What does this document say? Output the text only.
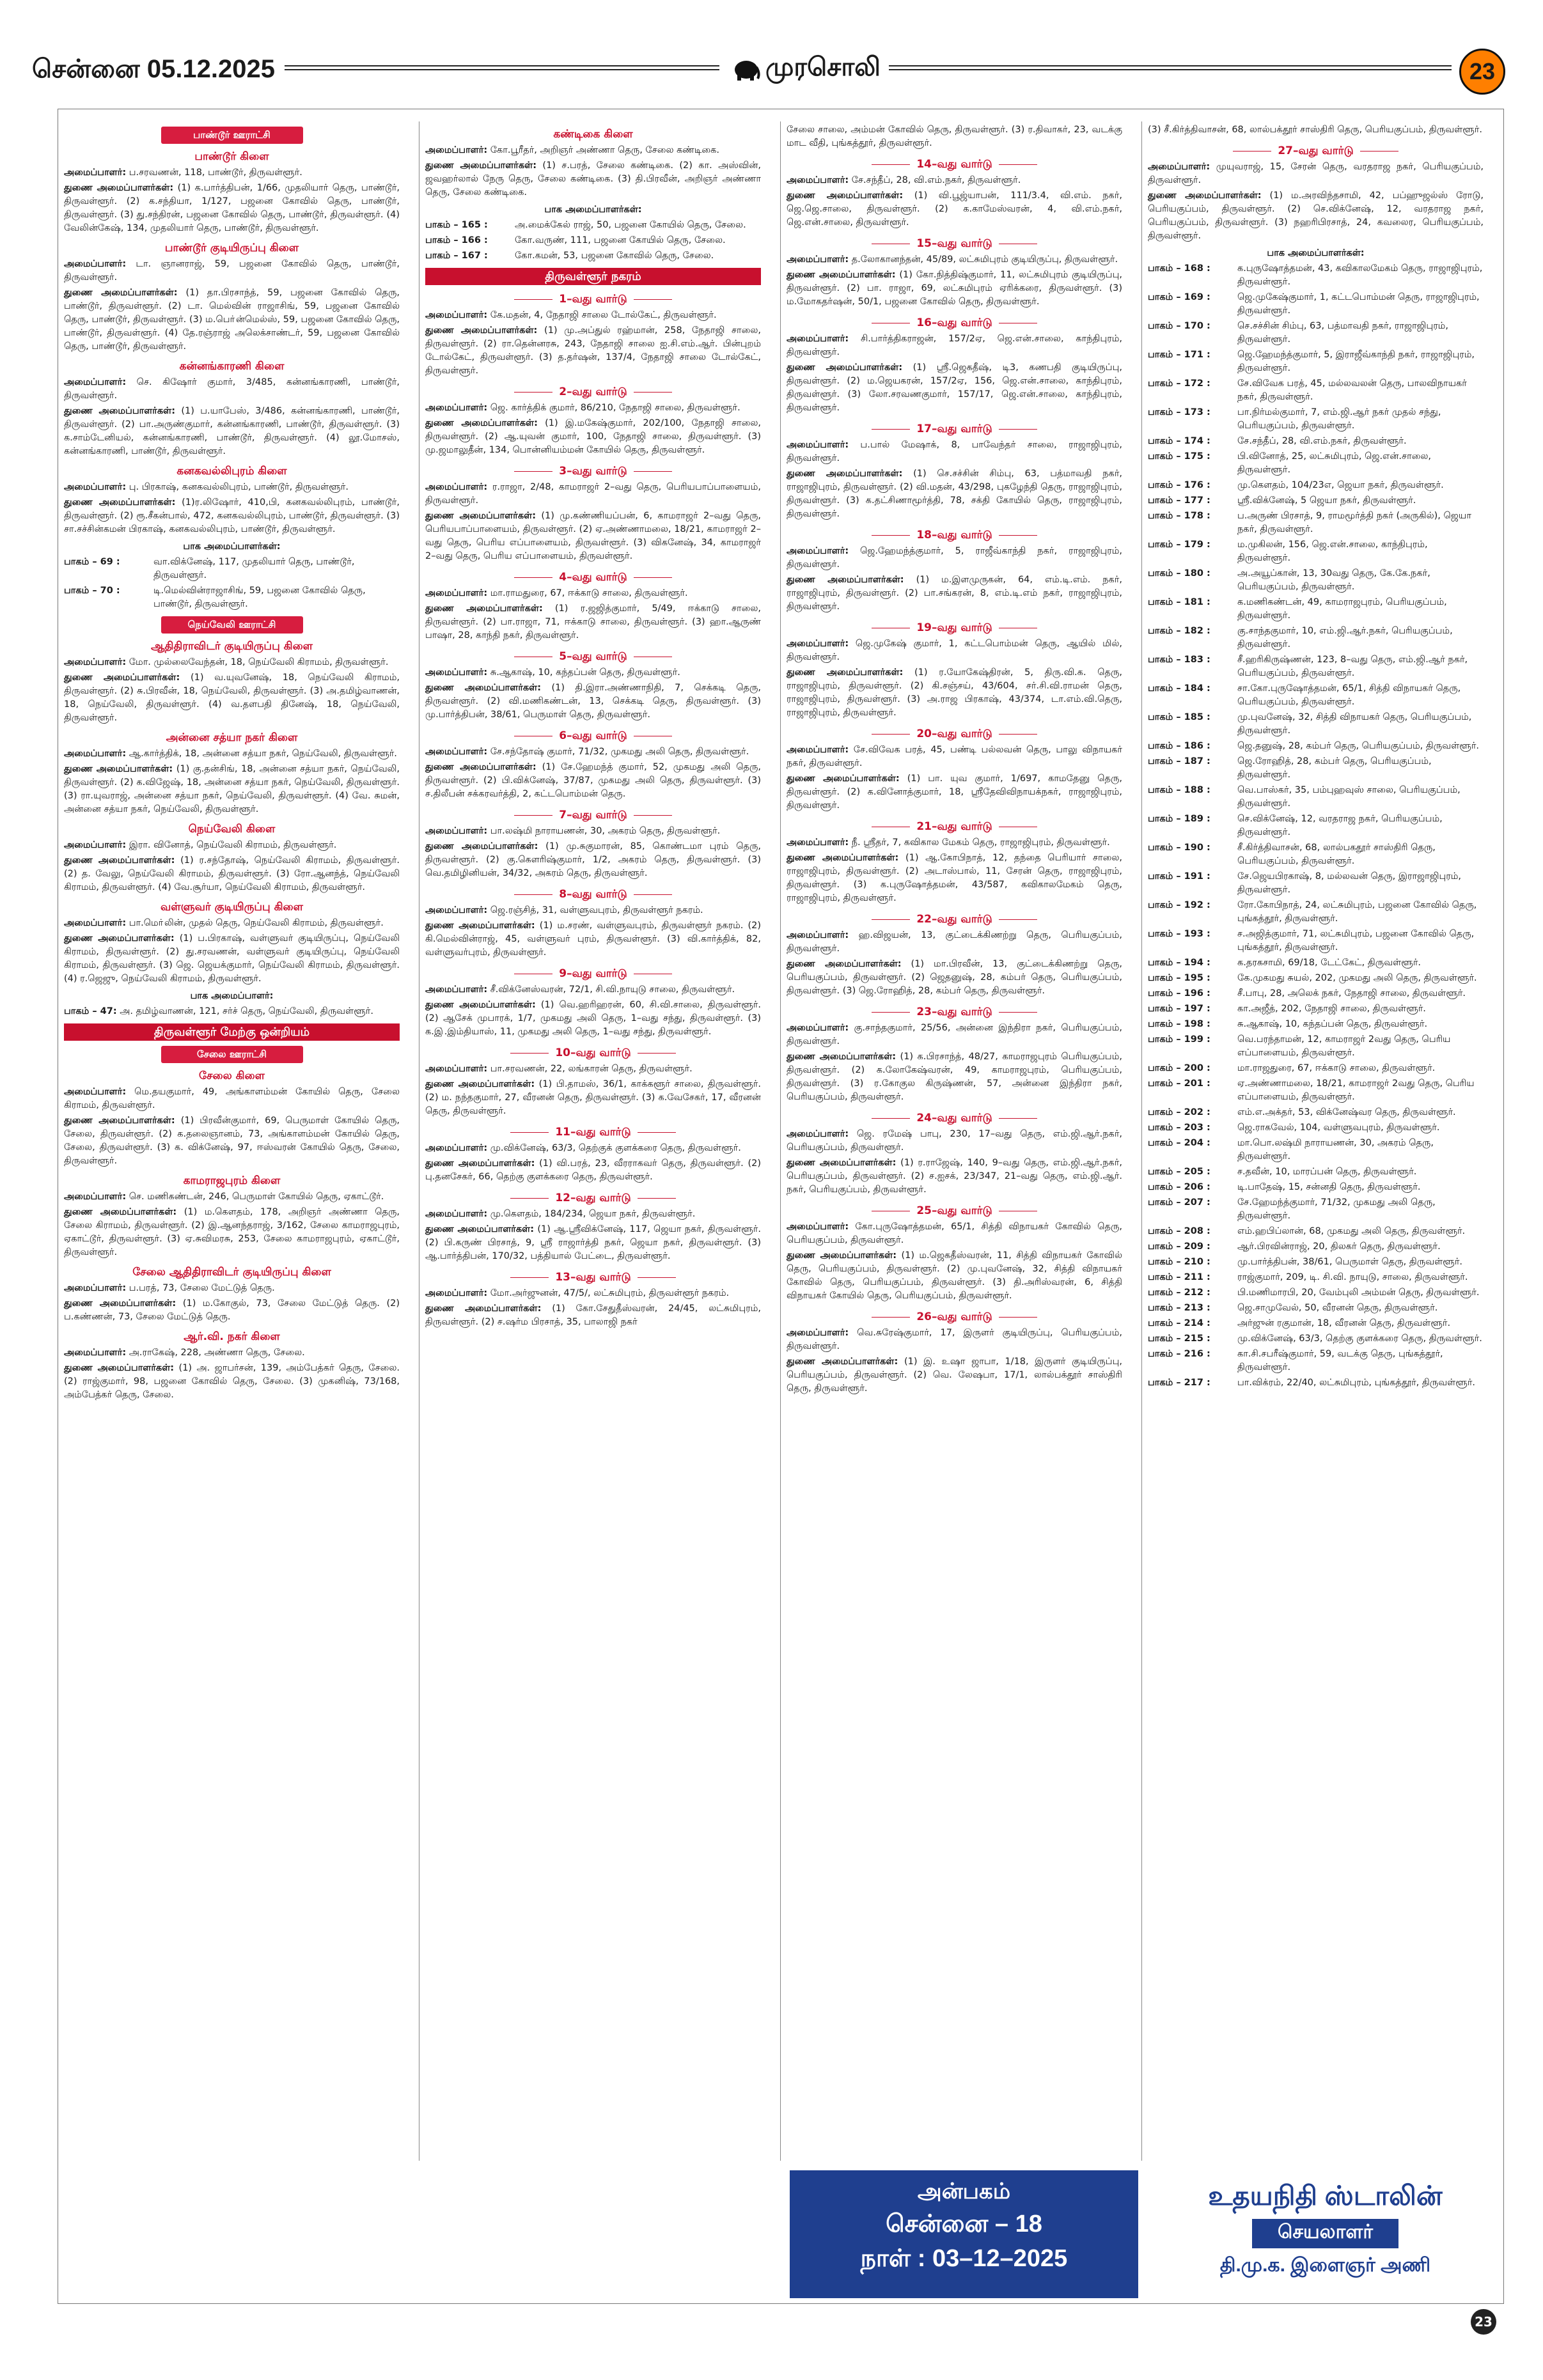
சென்னை 05.12.2025	முரசொலி	23
பாண்டூர் ஊராட்சி
பாண்டூர் கிளை
அமைப்பாளர்: ப.சரவணன், 118, பாண்டூர், திருவள்ளூர்.
துணை அமைப்பாளர்கள்: (1) க.பார்த்திபன், 1/66, முதலியார் தெரு, பாண்டூர், திருவள்ளூர். (2) க.சந்தியா, 1/127, பஜனை கோவில் தெரு, பாண்டூர், திருவள்ளூர். (3) து.சந்திரன், பஜனை கோவில் தெரு, பாண்டூர், திருவள்ளூர். (4) வேலின்கேஷ், 134, முதலியார் தெரு, பாண்டூர், திருவள்ளூர்.
பாண்டூர் குடியிருப்பு கிளை
அமைப்பாளர்: டா. ஞானராஜ், 59, பஜனை கோவில் தெரு, பாண்டூர், திருவள்ளூர்.
துணை அமைப்பாளர்கள்: (1) தா.பிரசாந்த், 59, பஜனை கோவில் தெரு, பாண்டூர், திருவள்ளூர். (2) டா. மெல்வின் ராஜாசிங், 59, பஜனை கோவில் தெரு, பாண்டூர், திருவள்ளூர். (3) ம.பொ்ன்மெல்ஸ், 59, பஜனை கோவில் தெரு, பாண்டூர், திருவள்ளூர். (4) தே.ரஞ்ராஜ் அலெக்சாண்டர், 59, பஜனை கோவில் தெரு, பாண்டூர், திருவள்ளூர்.
கன்னங்காரணி கிளை
அமைப்பாளர்: செ. கிஷோர் குமார், 3/485, கன்னங்காரணி, பாண்டூர், திருவள்ளூர்.
துணை அமைப்பாளர்கள்: (1) ப.யாபேஸ், 3/486, கன்னங்காரணி, பாண்டூர், திருவள்ளூர். (2) பா.அருண்குமார், கன்னங்காரணி, பாண்டூர், திருவள்ளூர். (3) க.சாம்டேனியல், கன்னங்காரணி, பாண்டூர், திருவள்ளூர். (4) லூ.மோசஸ், கன்னங்காரணி, பாண்டூர், திருவள்ளூர்.
கனகவல்லிபுரம் கிளை
அமைப்பாளர்: பு. பிரகாஷ், கனகவல்லிபுரம், பாண்டூர், திருவள்ளூர்.
துணை அமைப்பாளர்கள்: (1)ர.லிஷோர், 410,பி, கனகவல்லிபுரம், பாண்டூர், திருவள்ளூர். (2) ரூ.சீகன்பால், 472, கனகவல்லிபுரம், பாண்டூர், திருவள்ளூர். (3) சா.சச்சின்கமன் பிரகாஷ், கனகவல்லிபுரம், பாண்டூர், திருவள்ளூர்.
பாக அமைப்பாளர்கள்:
பாகம் – 69 :	வா.விக்னேஷ், 117, முதலியார் தெரு, பாண்டூர், திருவள்ளூர்.
பாகம் – 70 :	டி.மெல்வின்ராஜாசிங், 59, பஜனை கோவில் தெரு, பாண்டூர், திருவள்ளூர்.
நெய்வேலி ஊராட்சி
ஆதிதிராவிடர் குடியிருப்பு கிளை
அமைப்பாளர்: மோ. முல்லைவேந்தன், 18, நெய்வேலி கிராமம், திருவள்ளூர்.
துணை அமைப்பாளர்கள்: (1) வ.யுவனேஷ், 18, நெய்வேலி கிராமம், திருவள்ளூர். (2) சு.பிரவீன், 18, நெய்வேலி, திருவள்ளூர். (3) அ.தமிழ்வாணன், 18, நெய்வேலி, திருவள்ளூர். (4) வ.தளபதி தினேஷ், 18, நெய்வேலி, திருவள்ளூர்.
அன்னை சத்யா நகர் கிளை
அமைப்பாளர்: ஆ.கார்த்திக், 18, அன்னை சத்யா நகர், நெய்வேலி, திருவள்ளூர்.
துணை அமைப்பாளர்கள்: (1) கு.தன்சிங், 18, அன்னை சத்யா நகர், நெய்வேலி, திருவள்ளூர். (2) க.விஜேஷ், 18, அன்னை சத்யா நகர், நெய்வேலி, திருவள்ளூர். (3) ரா.யுவராஜ், அன்னை சத்யா நகர், நெய்வேலி, திருவள்ளூர். (4) வே. சுமன், அன்னை சத்யா நகர், நெய்வேலி, திருவள்ளூர்.
நெய்வேலி கிளை
அமைப்பாளர்: இரா. வினோத், நெய்வேலி கிராமம், திருவள்ளூர்.
துணை அமைப்பாளர்கள்: (1) ர.சந்தோஷ், நெய்வேலி கிராமம், திருவள்ளூர். (2) த. வேலு, நெய்வேலி கிராமம், திருவள்ளூர். (3) ரோ.ஆனந்த், நெய்வேலி கிராமம், திருவள்ளூர். (4) வே.சூர்யா, நெய்வேலி கிராமம், திருவள்ளூர்.
வள்ளுவர் குடியிருப்பு கிளை
அமைப்பாளர்: பா.மொ்லின், முதல் தெரு, நெய்வேலி கிராமம், திருவள்ளூர்.
துணை அமைப்பாளர்கள்: (1) ப.பிரகாஷ், வள்ளுவர் குடியிருப்பு, நெய்வேலி கிராமம், திருவள்ளூர். (2) து.சரவணன், வள்ளுவர் குடியிருப்பு, நெய்வேலி கிராமம், திருவள்ளூர். (3) ஜெ. ஜெயக்குமார், நெய்வேலி கிராமம், திருவள்ளூர். (4) ர.ஜெஜு, நெய்வேலி கிராமம், திருவள்ளூர்.
பாக அமைப்பாளர்:
பாகம் – 47: அ. தமிழ்வாணன், 121, சர்ச் தெரு, நெய்வேலி, திருவள்ளூர்.
திருவள்ளூர் மேற்கு ஒன்றியம்
சேலை ஊராட்சி
சேலை கிளை
அமைப்பாளர்: மெ.தயகுமார், 49, அங்காளம்மன் கோயில் தெரு, சேலை கிராமம், திருவள்ளூர்.
துணை அமைப்பாளர்கள்: (1) பிரவீன்குமார், 69, பெருமாள் கோயில் தெரு, சேலை, திருவள்ளூர். (2) க.தலைஞானம், 73, அங்காளம்மன் கோயில் தெரு, சேலை, திருவள்ளூர். (3) க. விக்னேஷ், 97, ஈஸ்வரன் கோயில் தெரு, சேலை, திருவள்ளூர்.
காமராஜபுரம் கிளை
அமைப்பாளர்: செ. மணிகண்டன், 246, பெருமாள் கோயில் தெரு, ஏகாட்டூர்.
துணை அமைப்பாளர்கள்: (1) ம.கௌதம், 178, அறிஞர் அண்ணா தெரு, சேலை கிராமம், திருவள்ளூர். (2) இ.ஆனந்தராஜ், 3/162, சேலை காமராஜபுரம், ஏகாட்டூர், திருவள்ளூர். (3) ஏ.சுவிமரசு, 253, சேலை காமராஜபுரம், ஏகாட்டூர், திருவள்ளூர்.
சேலை ஆதிதிராவிடர் குடியிருப்பு கிளை
அமைப்பாளர்: ப.பரத், 73, சேலை மேட்டுத் தெரு.
துணை அமைப்பாளர்கள்: (1) ம.கோகுல், 73, சேலை மேட்டுத் தெரு. (2) ப.கண்ணன், 73, சேலை மேட்டுத் தெரு.
ஆர்.வி. நகர் கிளை
அமைப்பாளர்: அ.ராகேஷ், 228, அண்ணா தெரு, சேலை.
துணை அமைப்பாளர்கள்: (1) அ. ஜாபர்சன், 139, அம்பேத்கர் தெரு, சேலை. (2) ராஜ்குமார், 98, பஜனை கோவில் தெரு, சேலை. (3) முகனிஷ், 73/168, அம்பேத்கர் தெரு, சேலை.
கண்டிகை கிளை
அமைப்பாளர்: கோ.பூரீதர், அறிஞர் அண்ணா தெரு, சேலை கண்டிகை.
துணை அமைப்பாளர்கள்: (1) ச.பரத், சேலை கண்டிகை. (2) கா. அஸ்வின், ஜவஹர்லால் நேரு தெரு, சேலை கண்டிகை. (3) தி.பிரவீன், அறிஞர் அண்ணா தெரு, சேலை கண்டிகை.
பாக அமைப்பாளர்கள்:
பாகம் – 165 :	அ.மைக்கேல் ராஜ், 50, பஜனை கோயில் தெரு, சேலை.
பாகம் – 166 :	கோ.வருண், 111, பஜனை கோயில் தெரு, சேலை.
பாகம் – 167 :	கோ.கமன், 53, பஜனை கோவில் தெரு, சேலை.
திருவள்ளூர் நகரம்
1–வது வார்டு
அமைப்பாளர்: கே.மதன், 4, நேதாஜி சாலை டோல்கேட், திருவள்ளூர்.
துணை அமைப்பாளர்கள்: (1) மு.அப்துல் ரஹ்மான், 258, நேதாஜி சாலை, திருவள்ளூர். (2) ரா.தென்னரசு, 243, நேதாஜி சாலை ஐ.சி.எம்.ஆர். பின்புறம் டோல்கேட், திருவள்ளூர். (3) த.தர்ஷன், 137/4, நேதாஜி சாலை டோல்கேட், திருவள்ளூர்.
2–வது வார்டு
அமைப்பாளர்: ஜெ. கார்த்திக் குமார், 86/210, நேதாஜி சாலை, திருவள்ளூர்.
துணை அமைப்பாளர்கள்: (1) இ.மகேஷ்குமார், 202/100, நேதாஜி சாலை, திருவள்ளூர். (2) ஆ.யுவன் குமார், 100, நேதாஜி சாலை, திருவள்ளூர். (3) மு.ஜமாலுதீன், 134, பொன்னியம்மன் கோயில் தெரு, திருவள்ளூர்.
3–வது வார்டு
அமைப்பாளர்: ர.ராஜா, 2/48, காமராஜர் 2–வது தெரு, பெரியபாப்பாளையம், திருவள்ளூர்.
துணை அமைப்பாளர்கள்: (1) மு.கண்ணியப்பன், 6, காமராஜர் 2–வது தெரு, பெரியபாப்பாளையம், திருவள்ளூர். (2) ஏ.அண்ணாமலை, 18/21, காமராஜர் 2–வது தெரு, பெரிய எப்பாளையம், திருவள்ளூர். (3) விகனேஷ், 34, காமராஜர் 2–வது தெரு, பெரிய எப்பாளையம், திருவள்ளூர்.
4–வது வார்டு
அமைப்பாளர்: மா.ராமதுரை, 67, ஈக்காடு சாலை, திருவள்ளூர்.
துணை அமைப்பாளர்கள்: (1) ர.ஜஜித்குமார், 5/49, ஈக்காடு சாலை, திருவள்ளூர். (2) பா.ராஜா, 71, ஈக்காடு சாலை, திருவள்ளூர். (3) ஹா.ஆருண் பாஷா, 28, காந்தி நகர், திருவள்ளூர்.
5–வது வார்டு
அமைப்பாளர்: சு.ஆகாஷ், 10, கந்தப்பன் தெரு, திருவள்ளூர்.
துணை அமைப்பாளர்கள்: (1) தி.இரா.அண்ணாநிதி, 7, செக்கடி தெரு, திருவள்ளூர். (2) வி.மணிகண்டன், 13, செக்கடி தெரு, திருவள்ளூர். (3) மு.பார்த்திபன், 38/61, பெருமாள் தெரு, திருவள்ளூர்.
6–வது வார்டு
அமைப்பாளர்: சே.சந்தோஷ் குமார், 71/32, முகமது அலி தெரு, திருவள்ளூர்.
துணை அமைப்பாளர்கள்: (1) சே.ஹேமந்த் குமார், 52, முகமது அலி தெரு, திருவள்ளூர். (2) பி.விக்னேஷ், 37/87, முகமது அலி தெரு, திருவள்ளூர். (3) ச.திலீபன் சக்கரவர்த்தி, 2, கட்டபொம்மன் தெரு.
7–வது வார்டு
அமைப்பாளர்: பா.லஷ்மி நாராயணன், 30, அகரம் தெரு, திருவள்ளூர்.
துணை அமைப்பாளர்கள்: (1) மு.சுகுமாரன், 85, கொண்டமா புரம் தெரு, திருவள்ளூர். (2) கு.கௌரிஷ்குமார், 1/2, அகரம் தெரு, திருவள்ளூர். (3) வெ.தமிழினியன், 34/32, அகரம் தெரு, திருவள்ளூர்.
8–வது வார்டு
அமைப்பாளர்: ஜெ.ரஞ்சித், 31, வள்ளுவபுரம், திருவள்ளூர் நகரம்.
துணை அமைப்பாளர்கள்: (1) ம.சரண், வள்ளுவபுரம், திருவள்ளூர் நகரம். (2) கி.மெல்வின்ராஜ், 45, வள்ளுவர் புரம், திருவள்ளூர். (3) வி.கார்த்திக், 82, வள்ளுவர்புரம், திருவள்ளூர்.
9–வது வார்டு
அமைப்பாளர்: சீ.விக்னேஸ்வரன், 72/1, சி.வி.நாயுடு சாலை, திருவள்ளூர்.
துணை அமைப்பாளர்கள்: (1) வெ.ஹரிஹரன், 60, சி.வி.சாலை, திருவள்ளூர். (2) ஆசேக் முபாரக், 1/7, முகமது அலி தெரு, 1–வது சந்து, திருவள்ளூர். (3) க.இ்.இம்தியாஸ், 11, முகமது அலி தெரு, 1–வது சந்து, திருவள்ளூர்.
10–வது வார்டு
அமைப்பாளர்: பா.சரவணன், 22, லங்காரன் தெரு, திருவள்ளூர்.
துணை அமைப்பாளர்கள்: (1) பி.தாமஸ், 36/1, காக்களூர் சாலை, திருவள்ளூர். (2) ம. நந்தகுமார், 27, வீரனன் தெரு, திருவள்ளூர். (3) க.வேசேகர், 17, வீரனன் தெரு, திருவள்ளூர்.
11–வது வார்டு
அமைப்பாளர்: மு.விக்னேஷ், 63/3, தெற்குக் குளக்கரை தெரு, திருவள்ளூர்.
துணை அமைப்பாளர்கள்: (1) வி.பரத், 23, வீரராகவர் தெரு, திருவள்ளூர். (2) பு.தனசேகர், 66, தெற்கு குளக்கரை தெரு, திருவள்ளூர்.
12–வது வார்டு
அமைப்பாளர்: மு.கௌதம், 184/234, ஜெயா நகர், திருவள்ளூர்.
துணை அமைப்பாளர்கள்: (1) ஆ.ஸ்ரீவிக்னேஷ், 117, ஜெயா நகர், திருவள்ளூர். (2) பி.கருண் பிரசாத், 9, ஸ்ரீ ராஜார்த்தி நகர், ஜெயா நகர், திருவள்ளூர். (3) ஆ.பார்த்திபன், 170/32, பத்தியால் பேட்டை, திருவள்ளூர்.
13–வது வார்டு
அமைப்பாளர்: மோ.அர்ஜுனன், 47/5/, லட்சுமிபுரம், திருவள்ளூர் நகரம்.
துணை அமைப்பாளர்கள்: (1) கோ.சேதுதீஸ்வரன், 24/45, லட்சுமிபுரம், திருவள்ளூர். (2) ச.ஷர்ம பிரசாத், 35, பாலாஜி நகர்
சேலை சாலை, அம்மன் கோவில் தெரு, திருவள்ளூர். (3) ர.திவாகர், 23, வடக்கு மாட வீதி, புங்கத்தூர், திருவள்ளூர்.
14–வது வார்டு
அமைப்பாளர்: சே.சந்தீப், 28, வி.எம்.நகர், திருவள்ளூர்.
துணை அமைப்பாளர்கள்: (1) வி.பூஜ்யாபன், 111/3.4, வி.எம். நகர், ஜெ.ஜெ.சாலை, திருவள்ளூர். (2) க.காமேஸ்வரன், 4, வி.எம்.நகர், ஜெ.என்.சாலை, திருவள்ளூர்.
15–வது வார்டு
அமைப்பாளர்: த.லோகானந்தன், 45/89, லட்சுமிபுரம் குடியிருப்பு, திருவள்ளூர்.
துணை அமைப்பாளர்கள்: (1) கோ.நித்திஷ்குமார், 11, லட்சுமிபுரம் குடியிருப்பு, திருவள்ளூர். (2) பா. ராஜா, 69, லட்சுமிபுரம் ஏரிக்கரை, திருவள்ளூர். (3) ம.மோகதர்ஷன், 50/1, பஜனை கோவில் தெரு, திருவள்ளூர்.
16–வது வார்டு
அமைப்பாளர்: சி.பார்த்திகராஜன், 157/2ஏ, ஜெ.என்.சாலை, காந்திபுரம், திருவள்ளூர்.
துணை அமைப்பாளர்கள்: (1) ஸ்ரீ.ஜெகதீஷ், டி3, கணபதி குடியிருப்பு, திருவள்ளூர். (2) ம.ஜெயகரன், 157/2ஏ, 156, ஜெ.என்.சாலை, காந்திபுரம், திருவள்ளூர். (3) லோ.சரவணகுமார், 157/17, ஜெ.என்.சாலை, காந்திபுரம், திருவள்ளூர்.
17–வது வார்டு
அமைப்பாளர்: ப.பால் மேஷாக், 8, பாவேந்தர் சாலை, ராஜாஜிபுரம், திருவள்ளூர்.
துணை அமைப்பாளர்கள்: (1) செ.சச்சின் சிம்பு, 63, பத்மாவதி நகர், ராஜாஜிபுரம், திருவள்ளூர். (2) வி.மதன், 43/298, புகழேந்தி தெரு, ராஜாஜிபுரம், திருவள்ளூர். (3) க.தட்சிணாமூர்த்தி, 78, சக்தி கோயில் தெரு, ராஜாஜிபுரம், திருவள்ளூர்.
18–வது வார்டு
அமைப்பாளர்: ஜெ.ஹேமந்த்குமார், 5, ராஜீவ்காந்தி நகர், ராஜாஜிபுரம், திருவள்ளூர்.
துணை அமைப்பாளர்கள்: (1) ம.இளமுருகன், 64, எம்.டி.எம். நகர், ராஜாஜிபுரம், திருவள்ளூர். (2) பா.சங்கரன், 8, எம்.டி.எம் நகர், ராஜாஜிபுரம், திருவள்ளூர்.
19–வது வார்டு
அமைப்பாளர்: ஜெ.முகேஷ் குமார், 1, கட்டபொம்மன் தெரு, ஆயில் மில், திருவள்ளூர்.
துணை அமைப்பாளர்கள்: (1) ர.யோகேஷ்திரன், 5, திரு.வி.க. தெரு, ராஜாஜிபுரம், திருவள்ளூர். (2) கி.சஞ்சய், 43/604, சர்.சி.வி.ராமன் தெரு, ராஜாஜிபுரம், திருவள்ளூர். (3) அ.ராஜ பிரகாஷ், 43/374, டா.எம்.வி.தெரு, ராஜாஜிபுரம், திருவள்ளூர்.
20–வது வார்டு
அமைப்பாளர்: சே.விவேக பரத், 45, பண்டி பல்லவன் தெரு, பாலு விநாயகர் நகர், திருவள்ளூர்.
துணை அமைப்பாளர்கள்: (1) பா. யுவ குமார், 1/697, காமதேனு தெரு, திருவள்ளூர். (2) க.வினோத்குமார், 18, ஸ்ரீதேவிவிநாயக்நகர், ராஜாஜிபுரம், திருவள்ளூர்.
21–வது வார்டு
அமைப்பாளர்: நீ. ஸ்ரீதர், 7, கவிகால மேகம் தெரு, ராஜாஜிபுரம், திருவள்ளூர்.
துணை அமைப்பாளர்கள்: (1) ஆ.கோபிநாத், 12, தந்தை பெரியார் சாலை, ராஜாஜிபுரம், திருவள்ளூர். (2) அடாஸ்பால், 11, சேரன் தெரு, ராஜாஜிபுரம், திருவள்ளூர். (3) க.புருஷோத்தமன், 43/587, கவிகாலமேகம் தெரு, ராஜாஜிபுரம், திருவள்ளூர்.
22–வது வார்டு
அமைப்பாளர்: ஹ.விஜயன், 13, குட்டைக்கிணற்று தெரு, பெரியகுப்பம், திருவள்ளூர்.
துணை அமைப்பாளர்கள்: (1) மா.பிரவீன், 13, குட்டைக்கிணற்று தெரு, பெரியகுப்பம், திருவள்ளூர். (2) ஜெதனுஷ், 28, கம்பர் தெரு, பெரியகுப்பம், திருவள்ளூர். (3) ஜெ.ரோஹித், 28, கம்பர் தெரு, திருவள்ளூர்.
23–வது வார்டு
அமைப்பாளர்: கு.சாந்தகுமார், 25/56, அன்னை இந்திரா நகர், பெரியகுப்பம், திருவள்ளூர்.
துணை அமைப்பாளர்கள்: (1) க.பிரசாந்த், 48/27, காமராஜபுரம் பெரியகுப்பம், திருவள்ளூர். (2) க.லோகேஷ்வரன், 49, காமராஜபுரம், பெரியகுப்பம், திருவள்ளூர். (3) ர.கோகுல கிருஷ்ணன், 57, அன்னை இந்திரா நகர், பெரியகுப்பம், திருவள்ளூர்.
24–வது வார்டு
அமைப்பாளர்: ஜெ. ரமேஷ் பாபு, 230, 17–வது தெரு, எம்.ஜி.ஆர்.நகர், பெரியகுப்பம், திருவள்ளூர்.
துணை அமைப்பாளர்கள்: (1) ர.ராஜேஷ், 140, 9–வது தெரு, எம்.ஜி.ஆர்.நகர், பெரியகுப்பம், திருவள்ளூர். (2) ச.ஐசக், 23/347, 21–வது தெரு, எம்.ஜி.ஆர். நகர், பெரியகுப்பம், திருவள்ளூர்.
25–வது வார்டு
அமைப்பாளர்: கோ.புருஷோத்தமன், 65/1, சித்தி விநாயகர் கோவில் தெரு, பெரியகுப்பம், திருவள்ளூர்.
துணை அமைப்பாளர்கள்: (1) ம.ஜெகதீஸ்வரன், 11, சித்தி விநாயகர் கோவில் தெரு, பெரியகுப்பம், திருவள்ளூர். (2) மு.புவனேஷ், 32, சித்தி விநாயகர் கோவில் தெரு, பெரியகுப்பம், திருவள்ளூர். (3) தி.அரிஸ்வரன், 6, சித்தி விநாயகர் கோயில் தெரு, பெரியகுப்பம், திருவள்ளூர்.
26–வது வார்டு
அமைப்பாளர்: வெ.சுரேஷ்குமார், 17, இருளர் குடியிருப்பு, பெரியகுப்பம், திருவள்ளூர்.
துணை அமைப்பாளர்கள்: (1) இ. உஷா ஜாபா, 1/18, இருளர் குடியிருப்பு, பெரியகுப்பம், திருவள்ளூர். (2) வெ. லேஷபா, 17/1, லால்பக்தூர் சாஸ்திரி தெரு, திருவள்ளூர்.
(3) சீ.கிர்த்திவாசன், 68, லால்பக்தூர் சாஸ்திரி தெரு, பெரியகுப்பம், திருவள்ளூர்.
27–வது வார்டு
அமைப்பாளர்: முயுவராஜ், 15, சேரன் தெரு, வரதராஜ நகர், பெரியகுப்பம், திருவள்ளூர்.
துணை அமைப்பாளர்கள்: (1) ம.அரவிந்தசாமி, 42, பப்ஹுஜல்ஸ் ரோடு, பெரியகுப்பம், திருவள்ளூர். (2) செ.விக்னேஷ், 12, வரதராஜ நகர், பெரியகுப்பம், திருவள்ளூர். (3) நஹரிபிரசாத், 24, கவலைர, பெரியகுப்பம், திருவள்ளூர்.
பாக அமைப்பாளர்கள்:
பாகம் – 168 :	க.புருஷோத்தமன், 43, கவிகாலமேகம் தெரு, ராஜாஜிபுரம், திருவள்ளூர்.
பாகம் – 169 :	ஜெ.முகேஷ்குமார், 1, கட்டபொம்மன் தெரு, ராஜாஜிபுரம், திருவள்ளூர்.
பாகம் – 170 :	செ.சச்சின் சிம்பு, 63, பத்மாவதி நகர், ராஜாஜிபுரம், திருவள்ளூர்.
பாகம் – 171 :	ஜெ.ஹேமந்த்குமார், 5, இராஜீவ்காந்தி நகர், ராஜாஜிபுரம், திருவள்ளூர்.
பாகம் – 172 :	சே.விவேக பரத், 45, மல்லவலன் தெரு, பாலவிநாயகர் நகர், திருவள்ளூர்.
பாகம் – 173 :	பா.நிர்மல்குமார், 7, எம்.ஜி.ஆர் நகர் முதல் சந்து, பெரியகுப்பம், திருவள்ளூர்.
பாகம் – 174 :	சே.சந்தீப், 28, வி.எம்.நகர், திருவள்ளூர்.
பாகம் – 175 :	பி.வினோத், 25, லட்சுமிபுரம், ஜெ.என்.சாலை, திருவள்ளூர்.
பாகம் – 176 :	மு.கௌதம், 104/23எ, ஜெயா நகர், திருவள்ளூர்.
பாகம் – 177 :	ஸ்ரீ.விக்னேஷ், 5 ஜெயா நகர், திருவள்ளூர்.
பாகம் – 178 :	ப.அருண் பிரசாத், 9, ராமமூர்த்தி நகர் (அருகில்), ஜெயா நகர், திருவள்ளூர்.
பாகம் – 179 :	ம.முகிலன், 156, ஜெ.என்.சாலை, காந்திபுரம், திருவள்ளூர்.
பாகம் – 180 :	அ.அயூப்கான், 13, 30வது தெரு, கே.கே.நகர், பெரியகுப்பம், திருவள்ளூர்.
பாகம் – 181 :	க.மணிகண்டன், 49, காமராஜபுரம், பெரியகுப்பம், திருவள்ளூர்.
பாகம் – 182 :	கு.சாந்தகுமார், 10, எம்.ஜி.ஆர்.நகர், பெரியகுப்பம், திருவள்ளூர்.
பாகம் – 183 :	சீ.ஹரிகிருஷ்ணன், 123, 8–வது தெரு, எம்.ஜி.ஆர் நகர், பெரியகுப்பம், திருவள்ளூர்.
பாகம் – 184 :	சா.கோ.புருஷோத்தமன், 65/1, சித்தி விநாயகர் தெரு, பெரியகுப்பம், திருவள்ளூர்.
பாகம் – 185 :	மு.புவனேஷ், 32, சித்தி விநாயகர் தெரு, பெரியகுப்பம், திருவள்ளூர்.
பாகம் – 186 :	ஜெ.தனுஷ், 28, கம்பர் தெரு, பெரியகுப்பம், திருவள்ளூர்.
பாகம் – 187 :	ஜெ.ரோஹித், 28, கம்பர் தெரு, பெரியகுப்பம், திருவள்ளூர்.
பாகம் – 188 :	வெ.பாஸ்கர், 35, பம்புஹவுஸ் சாலை, பெரியகுப்பம், திருவள்ளூர்.
பாகம் – 189 :	செ.விக்னேஷ், 12, வரதராஜ நகர், பெரியகுப்பம், திருவள்ளூர்.
பாகம் – 190 :	சீ.கிர்த்திவாசன், 68, லால்பகதூர் சாஸ்திரி தெரு, பெரியகுப்பம், திருவள்ளூர்.
பாகம் – 191 :	சே.ஜெயபிரகாஷ், 8, மல்லவன் தெரு, இராஜாஜிபுரம், திருவள்ளூர்.
பாகம் – 192 :	ரோ.கோபிநாத், 24, லட்சுமிபுரம், பஜனை கோவில் தெரு, புங்கத்தூர், திருவள்ளூர்.
பாகம் – 193 :	ச.அஜித்குமார், 71, லட்சுமிபுரம், பஜனை கோவில் தெரு, புங்கத்தூர், திருவள்ளூர்.
பாகம் – 194 :	க.தரகசாமி, 69/18, டேட்கேட், திருவள்ளூர்.
பாகம் – 195 :	கே.முகமது சுயல், 202, முகமது அலி தெரு, திருவள்ளூர்.
பாகம் – 196 :	சீ.பாபு, 28, அலெக் நகர், நேதாஜி சாலை, திருவள்ளூர்.
பாகம் – 197 :	கா.அஜீத், 202, நேதாஜி சாலை, திருவள்ளூர்.
பாகம் – 198 :	சு.ஆகாஷ், 10, கந்தப்பன் தெரு, திருவள்ளூர்.
பாகம் – 199 :	வெ.பரந்தாமன், 12, காமராஜர் 2வது தெரு, பெரிய எப்பாளையம், திருவள்ளூர்.
பாகம் – 200 :	மா.ராஜதுரை, 67, ஈக்காடு சாலை, திருவள்ளூர்.
பாகம் – 201 :	ஏ.அண்ணாமலை, 18/21, காமராஜர் 2வது தெரு, பெரிய எப்பாளையம், திருவள்ளூர்.
பாகம் – 202 :	எம்.எ.அக்தர், 53, விக்னேஷ்வர தெரு, திருவள்ளூர்.
பாகம் – 203 :	ஜெ.ராகவேல், 104, வள்ளுவபுரம், திருவள்ளூர்.
பாகம் – 204 :	மா.பொ.லஷ்மி நாராயணன், 30, அகரம் தெரு, திருவள்ளூர்.
பாகம் – 205 :	ச.தவீன், 10, மாரப்பன் தெரு, திருவள்ளூர்.
பாகம் – 206 :	டி.பாதேஷ், 15, சன்னதி தெரு, திருவள்ளூர்.
பாகம் – 207 :	சே.ஹேமந்த்குமார், 71/32, முகமது அலி தெரு, திருவள்ளூர்.
பாகம் – 208 :	எம்.ஹபிப்லான், 68, முகமது அலி தெரு, திருவள்ளூர்.
பாகம் – 209 :	ஆர்.பிரவின்ராஜ், 20, திலகர் தெரு, திருவள்ளூர்.
பாகம் – 210 :	மு.பார்த்திபன், 38/61, பெருமாள் தெரு, திருவள்ளூர்.
பாகம் – 211 :	ராஜ்குமார், 209, டி. சி.வி. நாயுடு, சாலை, திருவள்ளூர்.
பாகம் – 212 :	பி.மணிமாரபி, 20, வேம்புலி அம்மன் தெரு, திருவள்ளூர்.
பாகம் – 213 :	ஜெ.சாமுவேல், 50, வீரனன் தெரு, திருவள்ளூர்.
பாகம் – 214 :	அர்ஜுன் ரகுமான், 18, வீரனன் தெரு, திருவள்ளூர்.
பாகம் – 215 :	மு.விக்னேஷ், 63/3, தெற்கு குளக்கரை தெரு, திருவள்ளூர்.
பாகம் – 216 :	கா.சி.சபரீஷ்குமார், 59, வடக்கு தெரு, புங்கத்தூர், திருவள்ளூர்.
பாகம் – 217 :	பா.விக்ரம், 22/40, லட்சுமிபுரம், புங்கத்தூர், திருவள்ளூர்.
அன்பகம்
சென்னை – 18
நாள் : 03–12–2025
உதயநிதி ஸ்டாலின்
செயலாளர்
தி.மு.க. இளைஞர் அணி
23
